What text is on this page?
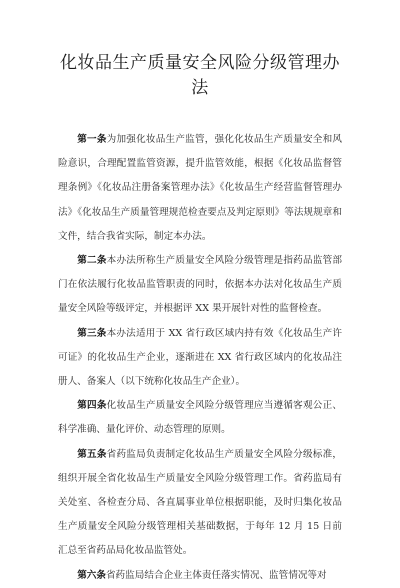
化妆品生产质量安全风险分级管理办法

第一条为加强化妆品生产监管，强化化妆品生产质量安全和风险意识，合理配置监管资源，提升监管效能，根据《化妆品监督管理条例》《化妆品注册备案管理办法》《化妆品生产经营监督管理办法》《化妆品生产质量管理规范检查要点及判定原则》等法规规章和文件，结合我省实际，制定本办法。

第二条本办法所称生产质量安全风险分级管理是指药品监管部门在依法履行化妆品监管职责的同时，依据本办法对化妆品生产质量安全风险等级评定，并根据评 XX 果开展针对性的监督检查。

第三条本办法适用于 XX 省行政区域内持有效《化妆品生产许可证》的化妆品生产企业，逐渐进在 XX 省行政区域内的化妆品注册人、备案人（以下统称化妆品生产企业）。

第四条化妆品生产质量安全风险分级管理应当遵循客观公正、科学准确、量化评价、动态管理的原则。

第五条省药监局负责制定化妆品生产质量安全风险分级标准，组织开展全省化妆品生产质量安全风险分级管理工作。省药监局有关处室、各检查分局、各直属事业单位根据职能，及时归集化妆品生产质量安全风险分级管理相关基础数据，于每年 12 月 15 日前汇总至省药品局化妆品监管处。

第六条省药监局结合企业主体责任落实情况、监管情况等对
